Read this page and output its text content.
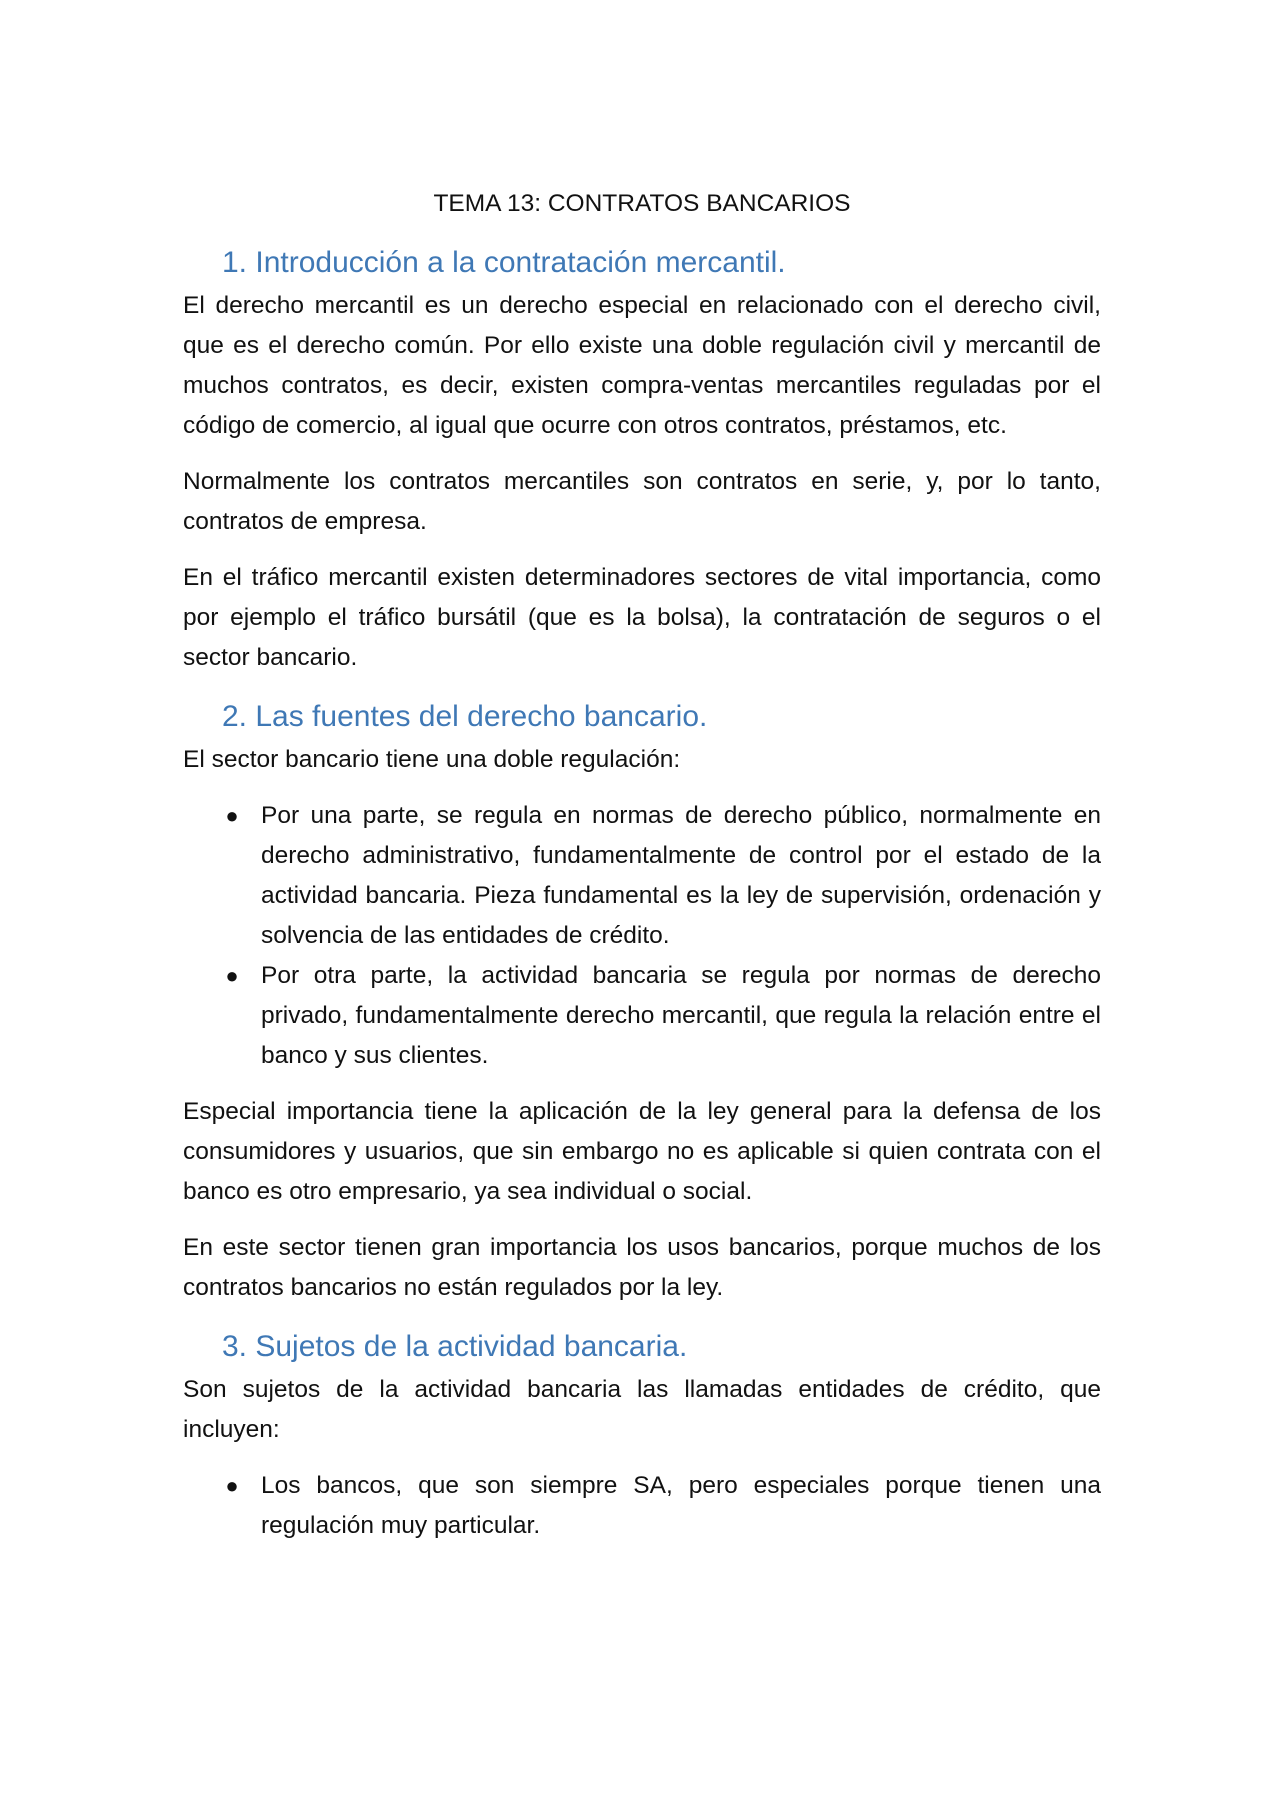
TEMA 13: CONTRATOS BANCARIOS
1. Introducción a la contratación mercantil.

El derecho mercantil es un derecho especial en relacionado con el derecho civil, que es el derecho común. Por ello existe una doble regulación civil y mercantil de muchos contratos, es decir, existen compra-ventas mercantiles reguladas por el código de comercio, al igual que ocurre con otros contratos, préstamos, etc.

Normalmente los contratos mercantiles son contratos en serie, y, por lo tanto, contratos de empresa.

En el tráfico mercantil existen determinadores sectores de vital importancia, como por ejemplo el tráfico bursátil (que es la bolsa), la contratación de seguros o el sector bancario.

2. Las fuentes del derecho bancario.

El sector bancario tiene una doble regulación:

● Por una parte, se regula en normas de derecho público, normalmente en derecho administrativo, fundamentalmente de control por el estado de la actividad bancaria. Pieza fundamental es la ley de supervisión, ordenación y solvencia de las entidades de crédito.
● Por otra parte, la actividad bancaria se regula por normas de derecho privado, fundamentalmente derecho mercantil, que regula la relación entre el banco y sus clientes.

Especial importancia tiene la aplicación de la ley general para la defensa de los consumidores y usuarios, que sin embargo no es aplicable si quien contrata con el banco es otro empresario, ya sea individual o social.

En este sector tienen gran importancia los usos bancarios, porque muchos de los contratos bancarios no están regulados por la ley.

3. Sujetos de la actividad bancaria.

Son sujetos de la actividad bancaria las llamadas entidades de crédito, que incluyen:

● Los bancos, que son siempre SA, pero especiales porque tienen una regulación muy particular.
